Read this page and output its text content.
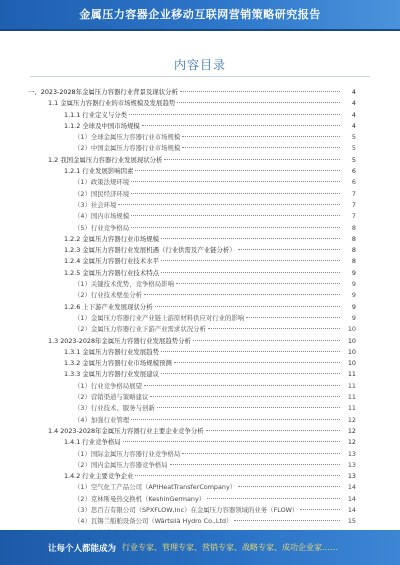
金属压力容器企业移动互联网营销策略研究报告
内容目录
一、2023-2028年金属压力容器行业背景及现状分析	4
1.1 金属压力容器行业的市场规模及发展趋势	4
1.1.1 行业定义与分类	4
1.1.2 全球及中国市场规模	4
（1）全球金属压力容器行业市场规模	5
（2）中国金属压力容器行业市场规模	5
1.2 我国金属压力容器行业发展现状分析	5
1.2.1 行业发展影响因素	6
（1）政策法规环境	6
（2）国民经济环境	7
（3）社会环境	7
（4）国内市场规模	7
（5）行业竞争格局	8
1.2.2 金属压力容器行业市场规模	8
1.2.3 金属压力容器行业发展机遇（行业供需及产业链分析）	8
1.2.4 金属压力容器行业技术水平	8
1.2.5 金属压力容器行业技术特点	9
（1）关键技术优势，竞争格局影响	9
（2）行业技术壁垒分析	9
1.2.6 上下游产业发展现状分析	9
（1）金属压力容器行业产业链上游原材料供应对行业的影响	9
（2）金属压力容器行业下游产业需求状况分析	10
1.3 2023-2028年金属压力容器行业发展趋势分析	10
1.3.1 金属压力容器行业发展趋势	10
1.3.2 金属压力容器行业市场规模预测	10
1.3.3 金属压力容器行业发展建议	11
（1）行业竞争格局展望	11
（2）营销渠道与策略建议	11
（3）行业技术、服务与创新	11
（4）加强行业管理	12
1.4 2023-2028年金属压力容器行业主要企业竞争分析	12
1.4.1 行业竞争格局	12
（1）国际金属压力容器行业竞争格局	13
（2）国内金属压力容器竞争格局	13
1.4.2 行业主要竞争企业	13
（1）空气化工产品公司（APIHeatTransferCompany）	14
（2）克林斯曼热交换机（KeshinGermany）	14
（3）思百吉有限公司（SPXFLOW,Inc）在金属压力容器领域的业务（FLOW）	14
（4）瓦锡兰船舶设备公司（Wärtsilä Hydro Co.,Ltd）	15
让每个人都能成为 行业专家、管理专家、营销专家、战略专家、成功企业家……
